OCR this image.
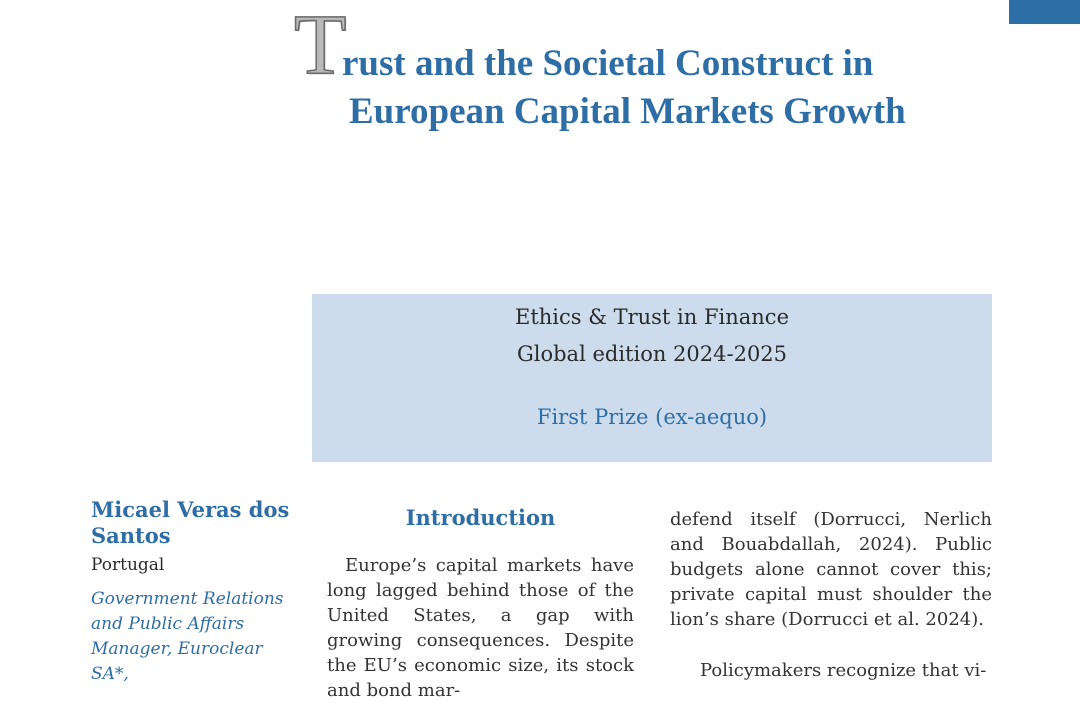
T
rust and the Societal Construct in
European Capital Markets Growth
Ethics & Trust in Finance
Global edition 2024-2025
First Prize (ex-aequo)
Micael Veras dos Santos
Portugal
Government Relations and Public Affairs Manager, Euroclear SA*,
Introduction

Europe’s capital markets have long lagged behind those of the United States, a gap with growing consequences. Despite the EU’s economic size, its stock and bond mar-

defend itself (Dorrucci, Nerlich and Bouabdallah, 2024). Public budgets alone cannot cover this; private capital must shoulder the lion’s share (Dorrucci et al. 2024).

Policymakers recognize that vi-
